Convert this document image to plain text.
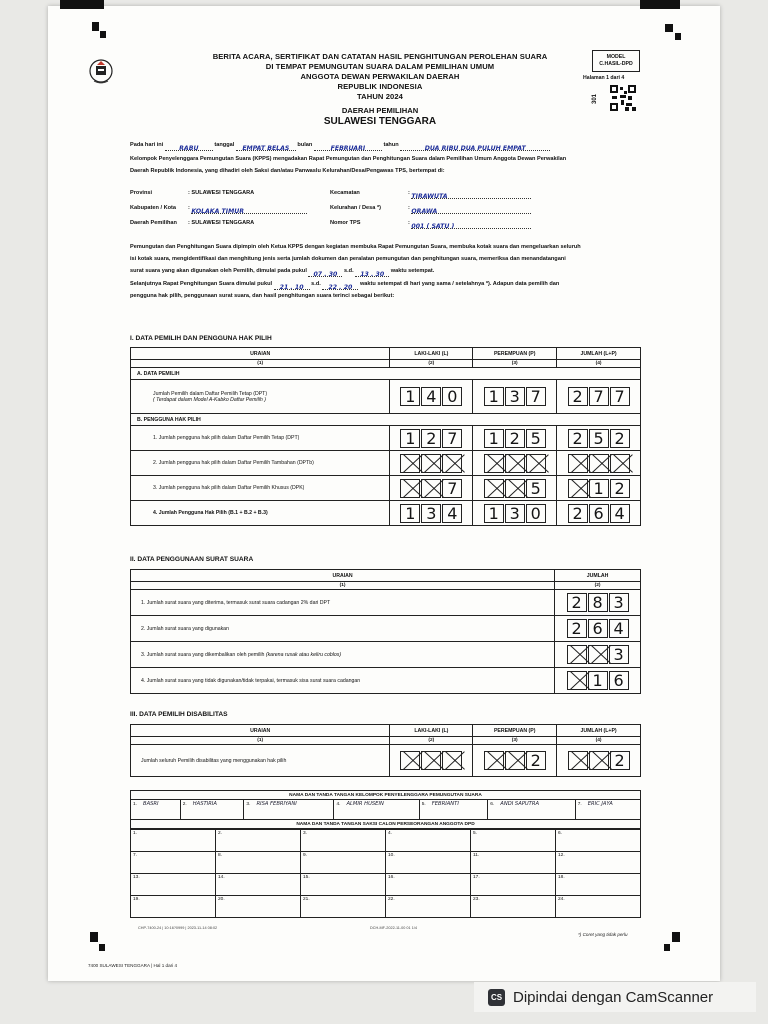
BERITA ACARA, SERTIFIKAT DAN CATATAN HASIL PENGHITUNGAN PEROLEHAN SUARA
DI TEMPAT PEMUNGUTAN SUARA DALAM PEMILIHAN UMUM
ANGGOTA DEWAN PERWAKILAN DAERAH
REPUBLIK INDONESIA
TAHUN 2024
DAERAH PEMILIHAN
SULAWESI TENGGARA
MODEL
C.HASIL-DPD
Halaman 1 dari 4
301
Pada hari ini	RABU	tanggal EMPAT BELAS bulan	FEBRUARI	tahun	DUA RIBU DUA PULUH EMPAT
Kelompok Penyelenggara Pemungutan Suara (KPPS) mengadakan Rapat Pemungutan dan Penghitungan Suara dalam Pemilihan Umum Anggota Dewan Perwakilan
Daerah Republik Indonesia, yang dihadiri oleh Saksi dan/atau Panwaslu Kelurahan/Desa/Pengawas TPS, bertempat di:
Provinsi	: SULAWESI TENGGARA
Kabupaten / Kota : KOLAKA TIMUR
Daerah Pemilihan : SULAWESI TENGGARA
Kecamatan	: TIRAWUTA
Kelurahan / Desa *)	: ORAWA
Nomor TPS	: 001 ( SATU )
Pemungutan dan Penghitungan Suara dipimpin oleh Ketua KPPS dengan kegiatan membuka Rapat Pemungutan Suara, membuka kotak suara dan mengeluarkan seluruh
isi kotak suara, mengidentifikasi dan menghitung jenis serta jumlah dokumen dan peralatan pemungutan dan penghitungan suara, memeriksa dan menandatangani
surat suara yang akan digunakan oleh Pemilih, dimulai pada pukul 07 . 30 s.d. 13 . 30 waktu setempat.
Selanjutnya Rapat Penghitungan Suara dimulai pukul 21 . 10 s.d. 22 . 20 waktu setempat di hari yang sama / setelahnya *). Adapun data pemilih dan
pengguna hak pilih, penggunaan surat suara, dan hasil penghitungan suara terinci sebagai berikut:
I. DATA PEMILIH DAN PENGGUNA HAK PILIH
URAIAN	LAKI-LAKI (L)	PEREMPUAN (P)	JUMLAH (L+P)
(1)	(2)	(3)	(4)
A. DATA PEMILIH			

Jumlah Pemilih dalam Daftar Pemilih Tetap (DPT)
( Terdapat dalam Model A-Kabko Daftar Pemilih )	1 4 0	1 3 7	2 7 7
B. PENGGUNA HAK PILIH			
1. Jumlah pengguna hak pilih dalam Daftar Pemilih Tetap (DPT)	1 2 7	1 2 5	2 5 2
2. Jumlah pengguna hak pilih dalam Daftar Pemilih Tambahan (DPTb)			
3. Jumlah pengguna hak pilih dalam Daftar Pemilih Khusus (DPK)	7	5	1 2
4. Jumlah Pengguna Hak Pilih (B.1 + B.2 + B.3)	1 3 4	1 3 0	2 6 4
II. DATA PENGGUNAAN SURAT SUARA
URAIAN	JUMLAH
(1)	(2)
1. Jumlah surat suara yang diterima, termasuk surat suara cadangan 2% dari DPT	2 8 3
2. Jumlah surat suara yang digunakan	2 6 4
3. Jumlah surat suara yang dikembalikan oleh pemilih (karena rusak atau keliru coblos)	3
4. Jumlah surat suara yang tidak digunakan/tidak terpakai, termasuk sisa surat suara cadangan	1 6
III. DATA PEMILIH DISABILITAS
URAIAN	LAKI-LAKI (L)	PEREMPUAN (P)	JUMLAH (L+P)
(1)	(2)	(3)	(4)
Jumlah seluruh Pemilih disabilitas yang menggunakan hak pilih		2	2
NAMA DAN TANDA TANGAN KELOMPOK PENYELENGGARA PEMUNGUTAN SUARA
1. BASRI	2. HASTIRIA	3. RISA FEBRIYANI	4. ALMIR HUSEIN	5. FEBRIANTI	6. ANDI SAPUTRA	7. ERIC JAYA
NAMA DAN TANDA TANGAN SAKSI CALON PERSEORANGAN ANGGOTA DPD
1.	2.	3.	4.	5.	6.
7.	8.	9.	10.	11.	12.
13.	14.	15.	16.	17.	18.
19.	20.	21.	22.	23.	24.
CHP-7400-24 | 10:16?0999 | 2023-11-14 08:02	DCH-MF-2022-11-00 01 1/4
*) Coret yang tidak perlu
7400 SULAWESI TENGGARA | Hal 1 dari 4
CS Dipindai dengan CamScanner
